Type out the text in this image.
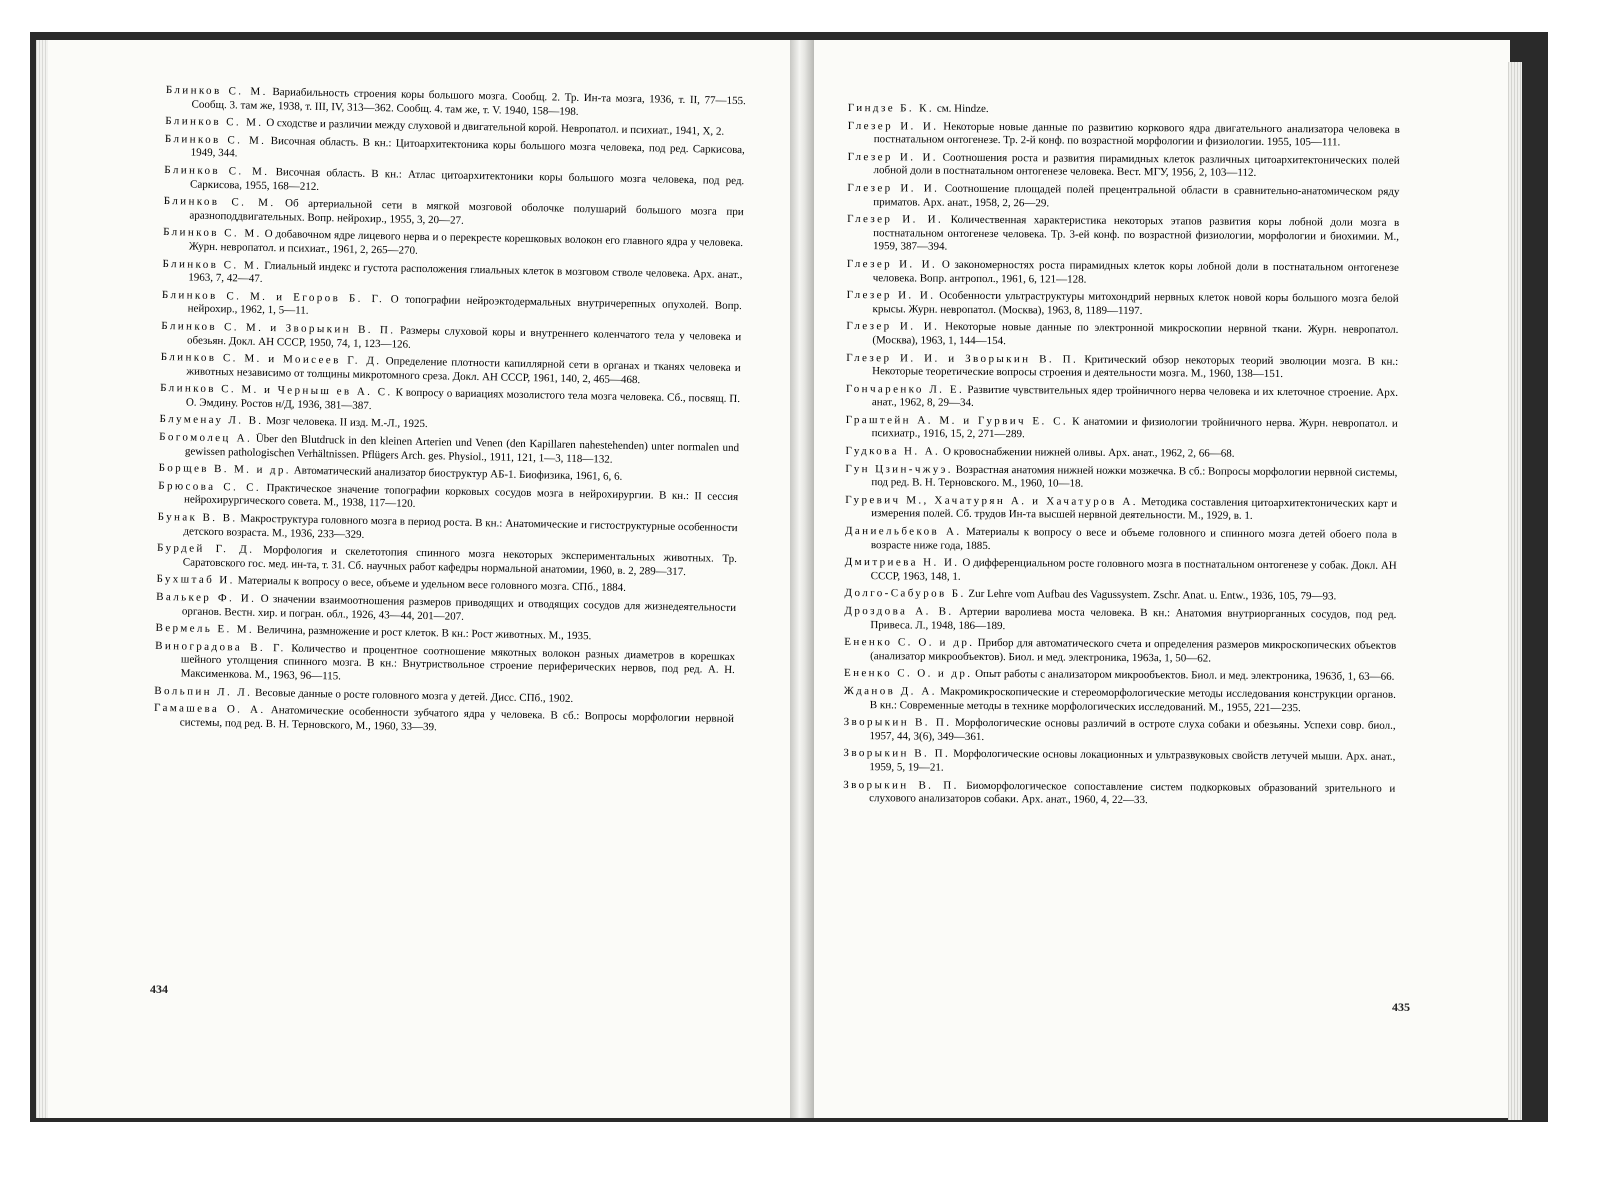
Блинков С. М. Вариабильность строения коры большого мозга. Сообщ. 2. Тр. Ин-та мозга, 1936, т. II, 77—155. Сообщ. 3. там же, 1938, т. III, IV, 313—362. Сообщ. 4. там же, т. V. 1940, 158—198.

Блинков С. М. О сходстве и различии между слуховой и двигательной корой. Невропатол. и психиат., 1941, X, 2.

Блинков С. М. Височная область. В кн.: Цитоархитектоника коры большого мозга человека, под ред. Саркисова, 1949, 344.

Блинков С. М. Височная область. В кн.: Атлас цитоархитектоники коры большого мозга человека, под ред. Саркисова, 1955, 168—212.

Блинков С. М. Об артериальной сети в мягкой мозговой оболочке полушарий большого мозга при аразноподдвигательных. Вопр. нейрохир., 1955, 3, 20—27.

Блинков С. М. О добавочном ядре лицевого нерва и о перекресте корешковых волокон его главного ядра у человека. Журн. невропатол. и психиат., 1961, 2, 265—270.

Блинков С. М. Глиальный индекс и густота расположения глиальных клеток в мозговом стволе человека. Арх. анат., 1963, 7, 42—47.

Блинков С. М. и Егоров Б. Г. О топографии нейроэктодермальных внутричерепных опухолей. Вопр. нейрохир., 1962, 1, 5—11.

Блинков С. М. и Зворыкин В. П. Размеры слуховой коры и внутреннего коленчатого тела у человека и обезьян. Докл. АН СССР, 1950, 74, 1, 123—126.

Блинков С. М. и Моисеев Г. Д. Определение плотности капиллярной сети в органах и тканях человека и животных независимо от толщины микротомного среза. Докл. АН СССР, 1961, 140, 2, 465—468.

Блинков С. М. и Черныш ев А. С. К вопросу о вариациях мозолистого тела мозга человека. Сб., посвящ. П. О. Эмдину. Ростов н/Д, 1936, 381—387.

Блуменау Л. В. Мозг человека. II изд. М.-Л., 1925.

Богомолец А. Über den Blutdruck in den kleinen Arterien und Venen (den Kapillaren nahestehenden) unter normalen und gewissen pathologischen Verhältnissen. Pflügers Arch. ges. Physiol., 1911, 121, 1—3, 118—132.

Борщев В. М. и др. Автоматический анализатор биоструктур АБ-1. Биофизика, 1961, 6, 6.

Брюсова С. С. Практическое значение топографии корковых сосудов мозга в нейрохирургии. В кн.: II сессия нейрохирургического совета. М., 1938, 117—120.

Бунак В. В. Макроструктура головного мозга в период роста. В кн.: Анатомические и гистоструктурные особенности детского возраста. М., 1936, 233—329.

Бурдей Г. Д. Морфология и скелетотопия спинного мозга некоторых экспериментальных животных. Тр. Саратовского гос. мед. ин-та, т. 31. Сб. научных работ кафедры нормальной анатомии, 1960, в. 2, 289—317.

Бухштаб И. Материалы к вопросу о весе, объеме и удельном весе головного мозга. СПб., 1884.

Валькер Ф. И. О значении взаимоотношения размеров приводящих и отводящих сосудов для жизнедеятельности органов. Вестн. хир. и погран. обл., 1926, 43—44, 201—207.

Вермель Е. М. Величина, размножение и рост клеток. В кн.: Рост животных. М., 1935.

Виноградова В. Г. Количество и процентное соотношение мякотных волокон разных диаметров в корешках шейного утолщения спинного мозга. В кн.: Внутриствольное строение периферических нервов, под ред. А. Н. Максименкова. М., 1963, 96—115.

Вольпин Л. Л. Весовые данные о росте головного мозга у детей. Дисс. СПб., 1902.

Гамашева О. А. Анатомические особенности зубчатого ядра у человека. В сб.: Вопросы морфологии нервной системы, под ред. В. Н. Терновского, М., 1960, 33—39.

Гиндзе Б. К. см. Hindze.

Глезер И. И. Некоторые новые данные по развитию коркового ядра двигательного анализатора человека в постнатальном онтогенезе. Тр. 2-й конф. по возрастной морфологии и физиологии. 1955, 105—111.

Глезер И. И. Соотношения роста и развития пирамидных клеток различных цитоархитектонических полей лобной доли в постнатальном онтогенезе человека. Вест. МГУ, 1956, 2, 103—112.

Глезер И. И. Соотношение площадей полей прецентральной области в сравнительно-анатомическом ряду приматов. Арх. анат., 1958, 2, 26—29.

Глезер И. И. Количественная характеристика некоторых этапов развития коры лобной доли мозга в постнатальном онтогенезе человека. Тр. 3-ей конф. по возрастной физиологии, морфологии и биохимии. М., 1959, 387—394.

Глезер И. И. О закономерностях роста пирамидных клеток коры лобной доли в постнатальном онтогенезе человека. Вопр. антропол., 1961, 6, 121—128.

Глезер И. И. Особенности ультраструктуры митохондрий нервных клеток новой коры большого мозга белой крысы. Журн. невропатол. (Москва), 1963, 8, 1189—1197.

Глезер И. И. Некоторые новые данные по электронной микроскопии нервной ткани. Журн. невропатол. (Москва), 1963, 1, 144—154.

Глезер И. И. и Зворыкин В. П. Критический обзор некоторых теорий эволюции мозга. В кн.: Некоторые теоретические вопросы строения и деятельности мозга. М., 1960, 138—151.

Гончаренко Л. Е. Развитие чувствительных ядер тройничного нерва человека и их клеточное строение. Арх. анат., 1962, 8, 29—34.

Граштейн А. М. и Гурвич Е. С. К анатомии и физиологии тройничного нерва. Журн. невропатол. и психиатр., 1916, 15, 2, 271—289.

Гудкова Н. А. О кровоснабжении нижней оливы. Арх. анат., 1962, 2, 66—68.

Гун Цзин-чжуэ. Возрастная анатомия нижней ножки мозжечка. В сб.: Вопросы морфологии нервной системы, под ред. В. Н. Терновского. М., 1960, 10—18.

Гуревич М., Хачатурян А. и Хачатуров А. Методика составления цитоархитектонических карт и измерения полей. Сб. трудов Ин-та высшей нервной деятельности. М., 1929, в. 1.

Даниельбеков А. Материалы к вопросу о весе и объеме головного и спинного мозга детей обоего пола в возрасте ниже года, 1885.

Дмитриева Н. И. О дифференциальном росте головного мозга в постнатальном онтогенезе у собак. Докл. АН СССР, 1963, 148, 1.

Долго-Сабуров Б. Zur Lehre vom Aufbau des Vagussystem. Zschr. Anat. u. Entw., 1936, 105, 79—93.

Дроздова А. В. Артерии варолиева моста человека. В кн.: Анатомия внутриорганных сосудов, под ред. Привеса. Л., 1948, 186—189.

Ененко С. О. и др. Прибор для автоматического счета и определения размеров микроскопических объектов (анализатор микрообъектов). Биол. и мед. электроника, 1963а, 1, 50—62.

Ененко С. О. и др. Опыт работы с анализатором микрообъектов. Биол. и мед. электроника, 1963б, 1, 63—66.

Жданов Д. А. Макромикроскопические и стереоморфологические методы исследования конструкции органов. В кн.: Современные методы в технике морфологических исследований. М., 1955, 221—235.

Зворыкин В. П. Морфологические основы различий в остроте слуха собаки и обезьяны. Успехи совр. биол., 1957, 44, 3(6), 349—361.

Зворыкин В. П. Морфологические основы локационных и ультразвуковых свойств летучей мыши. Арх. анат., 1959, 5, 19—21.

Зворыкин В. П. Биоморфологическое сопоставление систем подкорковых образований зрительного и слухового анализаторов собаки. Арх. анат., 1960, 4, 22—33.

434
435
